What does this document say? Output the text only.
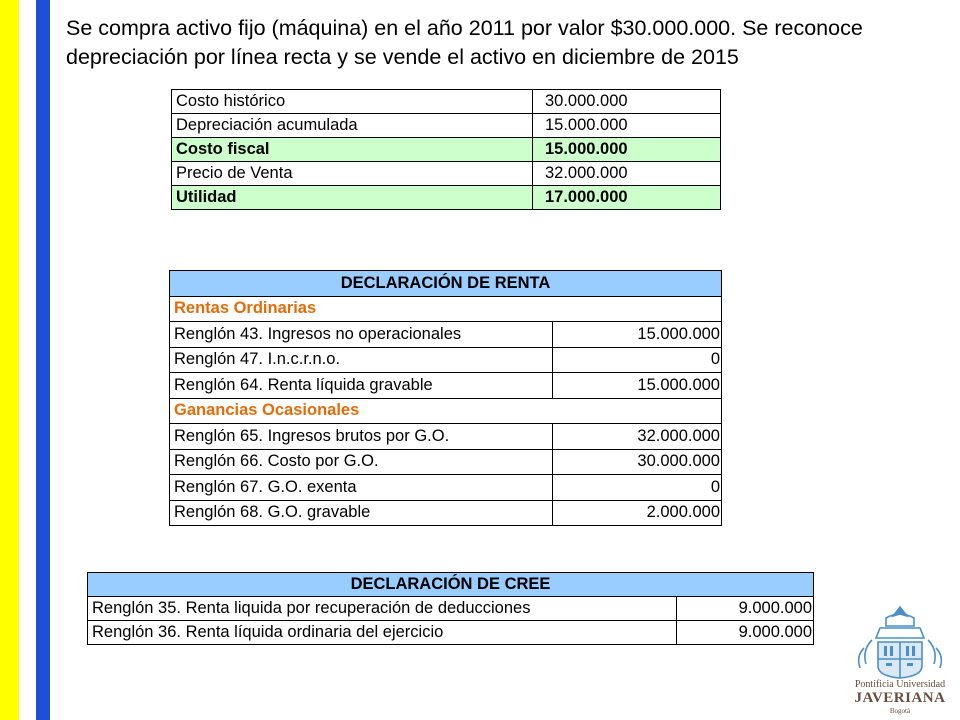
Se compra activo fijo (máquina) en el año 2011 por valor $30.000.000. Se reconoce depreciación por línea recta y se vende el activo en diciembre de 2015

Costo histórico	30.000.000
Depreciación acumulada	15.000.000
Costo fiscal	15.000.000
Precio de Venta	32.000.000
Utilidad	17.000.000
DECLARACIÓN DE RENTA	
Rentas Ordinarias	
Renglón 43. Ingresos no operacionales	15.000.000
Renglón 47. I.n.c.r.n.o.	0
Renglón 64. Renta líquida gravable	15.000.000
Ganancias Ocasionales	
Renglón 65. Ingresos brutos por G.O.	32.000.000
Renglón 66. Costo por G.O.	30.000.000
Renglón 67. G.O. exenta	0
Renglón 68. G.O. gravable	2.000.000
DECLARACIÓN DE CREE	
Renglón 35. Renta liquida por recuperación de deducciones	9.000.000
Renglón 36. Renta líquida ordinaria del ejercicio	9.000.000
Pontificia Universidad
JAVERIANA
Bogotá
